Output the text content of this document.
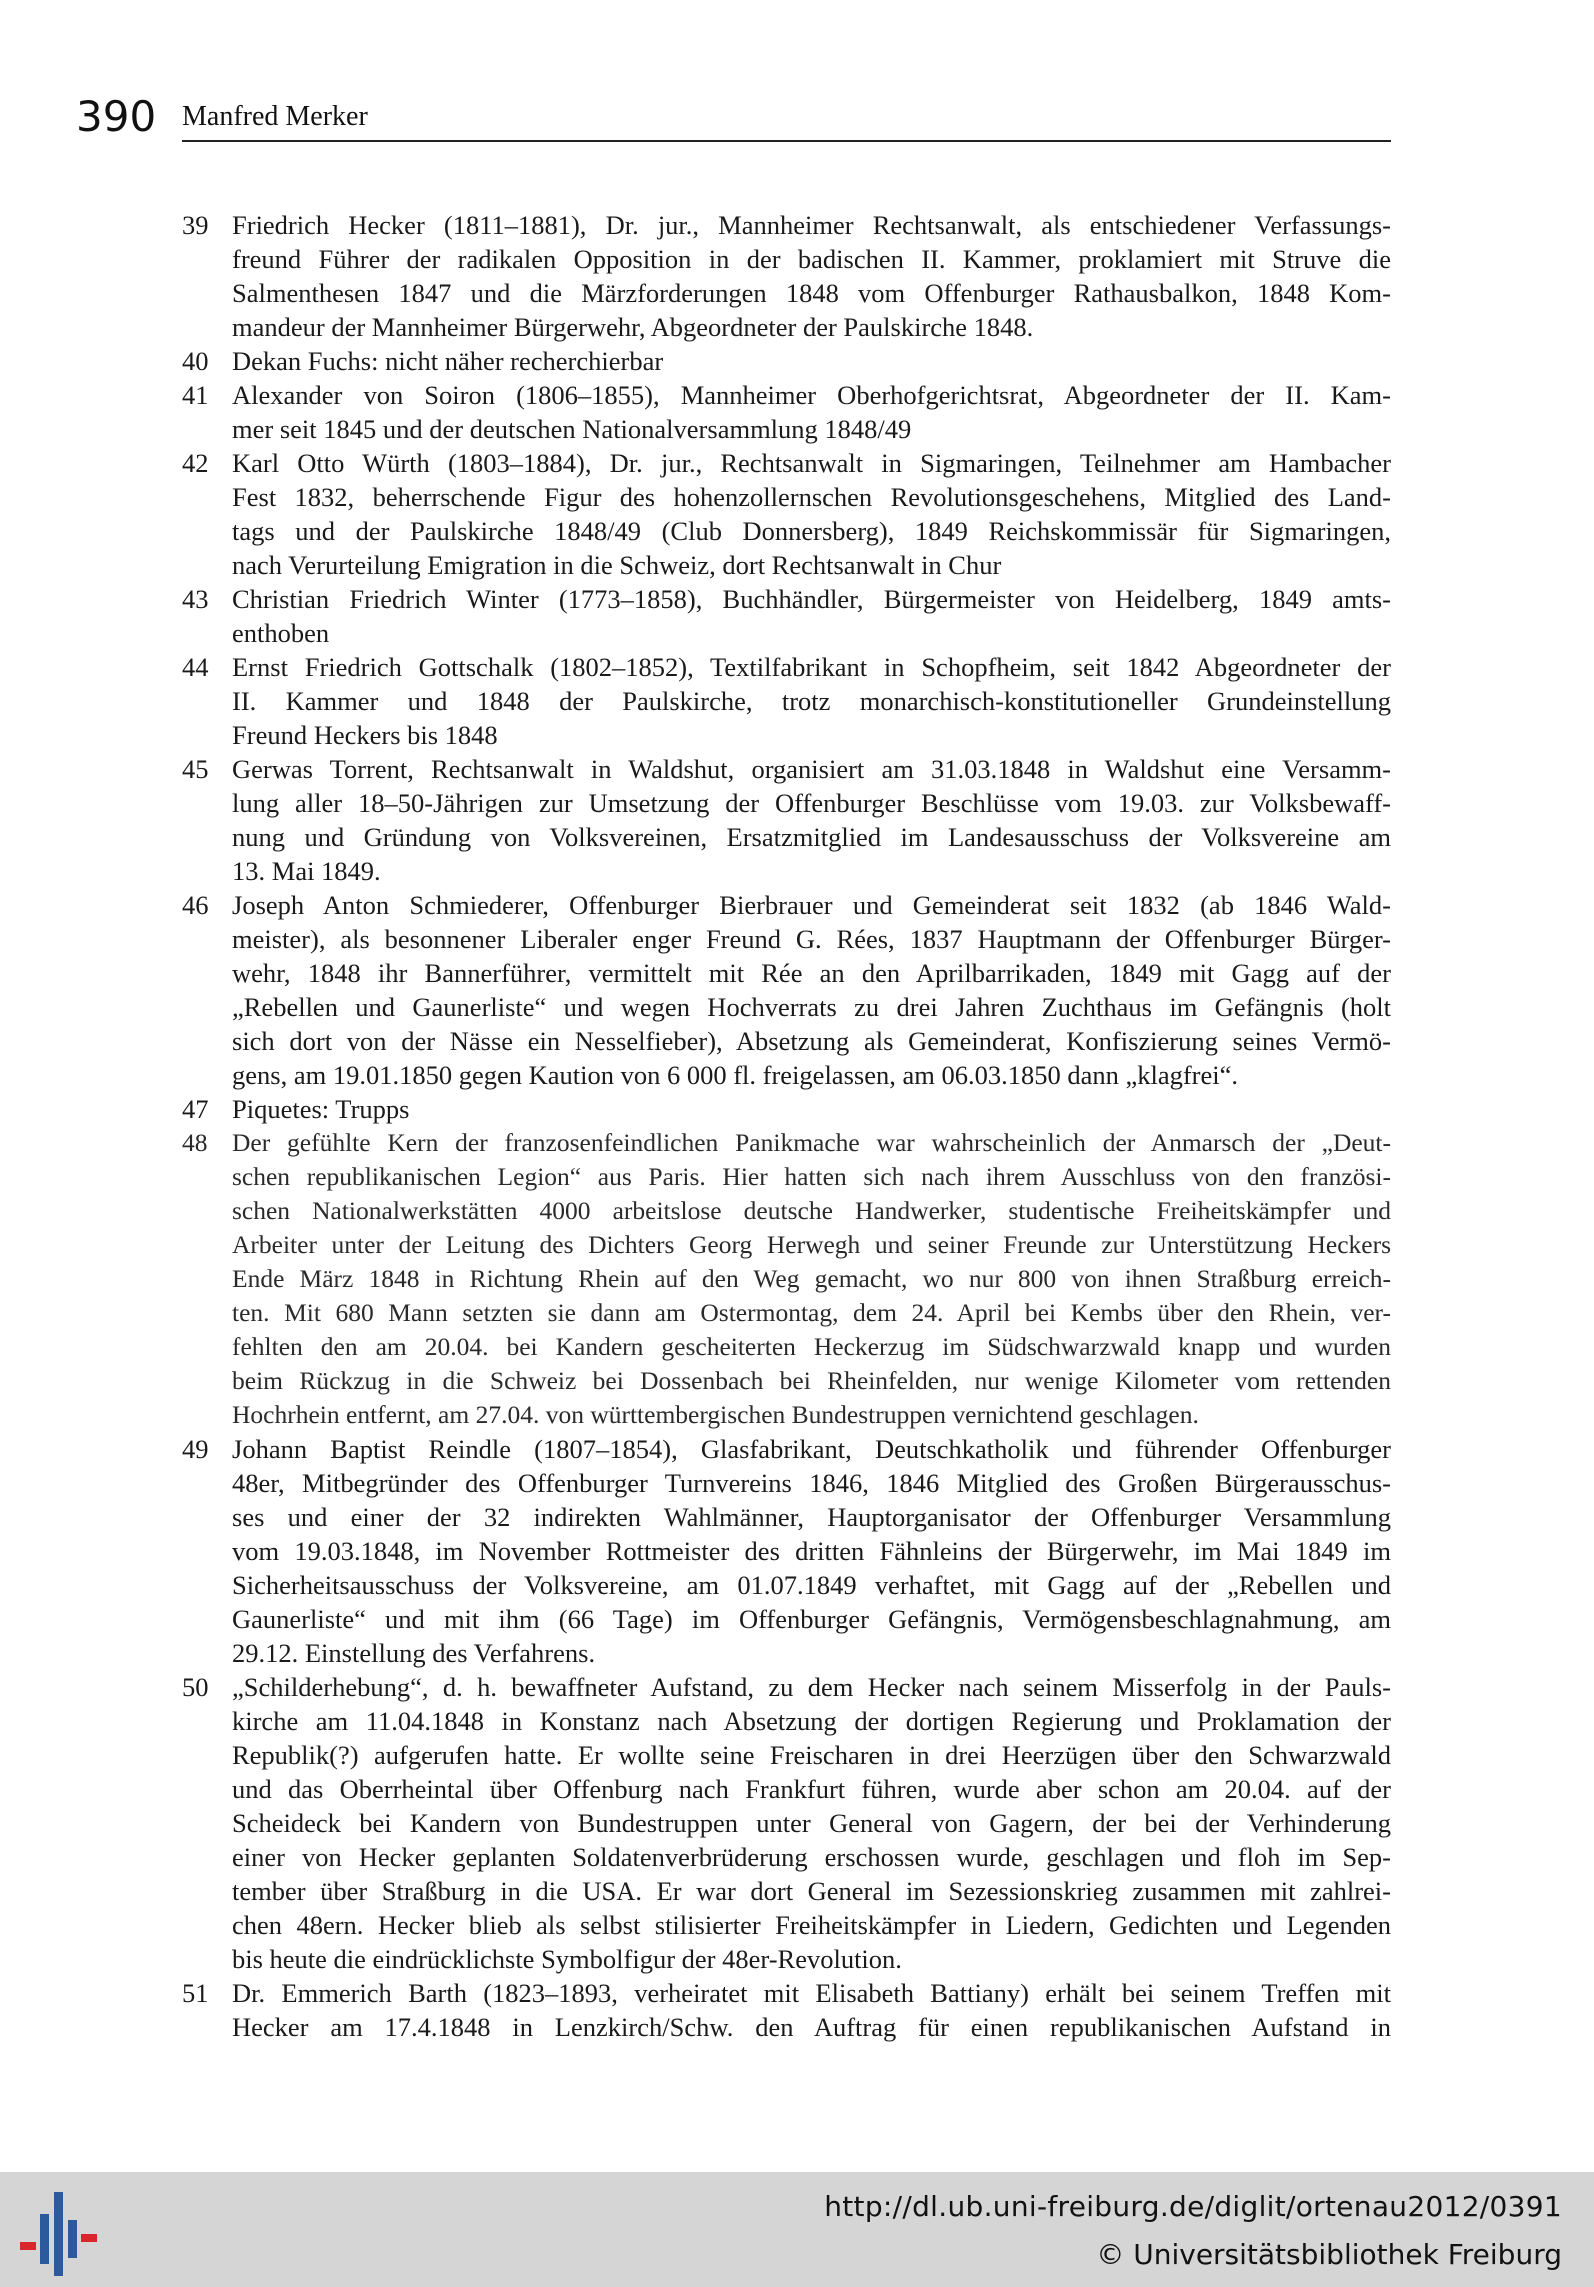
390 Manfred Merker
39 Friedrich Hecker (1811–1881), Dr. jur., Mannheimer Rechtsanwalt, als entschiedener Verfassungs-
freund Führer der radikalen Opposition in der badischen II. Kammer, proklamiert mit Struve die
Salmenthesen 1847 und die Märzforderungen 1848 vom Offenburger Rathausbalkon, 1848 Kom-
mandeur der Mannheimer Bürgerwehr, Abgeordneter der Paulskirche 1848.
40 Dekan Fuchs: nicht näher recherchierbar
41 Alexander von Soiron (1806–1855), Mannheimer Oberhofgerichtsrat, Abgeordneter der II. Kam-
mer seit 1845 und der deutschen Nationalversammlung 1848/49
42 Karl Otto Würth (1803–1884), Dr. jur., Rechtsanwalt in Sigmaringen, Teilnehmer am Hambacher
Fest 1832, beherrschende Figur des hohenzollernschen Revolutionsgeschehens, Mitglied des Land-
tags und der Paulskirche 1848/49 (Club Donnersberg), 1849 Reichskommissär für Sigmaringen,
nach Verurteilung Emigration in die Schweiz, dort Rechtsanwalt in Chur
43 Christian Friedrich Winter (1773–1858), Buchhändler, Bürgermeister von Heidelberg, 1849 amts-
enthoben
44 Ernst Friedrich Gottschalk (1802–1852), Textilfabrikant in Schopfheim, seit 1842 Abgeordneter der
II. Kammer und 1848 der Paulskirche, trotz monarchisch-konstitutioneller Grundeinstellung
Freund Heckers bis 1848
45 Gerwas Torrent, Rechtsanwalt in Waldshut, organisiert am 31.03.1848 in Waldshut eine Versamm-
lung aller 18–50-Jährigen zur Umsetzung der Offenburger Beschlüsse vom 19.03. zur Volksbewaff-
nung und Gründung von Volksvereinen, Ersatzmitglied im Landesausschuss der Volksvereine am
13. Mai 1849.
46 Joseph Anton Schmiederer, Offenburger Bierbrauer und Gemeinderat seit 1832 (ab 1846 Wald-
meister), als besonnener Liberaler enger Freund G. Rées, 1837 Hauptmann der Offenburger Bürger-
wehr, 1848 ihr Bannerführer, vermittelt mit Rée an den Aprilbarrikaden, 1849 mit Gagg auf der
„Rebellen und Gaunerliste“ und wegen Hochverrats zu drei Jahren Zuchthaus im Gefängnis (holt
sich dort von der Nässe ein Nesselfieber), Absetzung als Gemeinderat, Konfiszierung seines Vermö-
gens, am 19.01.1850 gegen Kaution von 6 000 fl. freigelassen, am 06.03.1850 dann „klagfrei“.
47 Piquetes: Trupps
48 Der gefühlte Kern der franzosenfeindlichen Panikmache war wahrscheinlich der Anmarsch der „Deut-
schen republikanischen Legion“ aus Paris. Hier hatten sich nach ihrem Ausschluss von den französi-
schen Nationalwerkstätten 4000 arbeitslose deutsche Handwerker, studentische Freiheitskämpfer und
Arbeiter unter der Leitung des Dichters Georg Herwegh und seiner Freunde zur Unterstützung Heckers
Ende März 1848 in Richtung Rhein auf den Weg gemacht, wo nur 800 von ihnen Straßburg erreich-
ten. Mit 680 Mann setzten sie dann am Ostermontag, dem 24. April bei Kembs über den Rhein, ver-
fehlten den am 20.04. bei Kandern gescheiterten Heckerzug im Südschwarzwald knapp und wurden
beim Rückzug in die Schweiz bei Dossenbach bei Rheinfelden, nur wenige Kilometer vom rettenden
Hochrhein entfernt, am 27.04. von württembergischen Bundestruppen vernichtend geschlagen.
49 Johann Baptist Reindle (1807–1854), Glasfabrikant, Deutschkatholik und führender Offenburger
48er, Mitbegründer des Offenburger Turnvereins 1846, 1846 Mitglied des Großen Bürgerausschus-
ses und einer der 32 indirekten Wahlmänner, Hauptorganisator der Offenburger Versammlung
vom 19.03.1848, im November Rottmeister des dritten Fähnleins der Bürgerwehr, im Mai 1849 im
Sicherheitsausschuss der Volksvereine, am 01.07.1849 verhaftet, mit Gagg auf der „Rebellen und
Gaunerliste“ und mit ihm (66 Tage) im Offenburger Gefängnis, Vermögensbeschlagnahmung, am
29.12. Einstellung des Verfahrens.
50 „Schilderhebung“, d. h. bewaffneter Aufstand, zu dem Hecker nach seinem Misserfolg in der Pauls-
kirche am 11.04.1848 in Konstanz nach Absetzung der dortigen Regierung und Proklamation der
Republik(?) aufgerufen hatte. Er wollte seine Freischaren in drei Heerzügen über den Schwarzwald
und das Oberrheintal über Offenburg nach Frankfurt führen, wurde aber schon am 20.04. auf der
Scheideck bei Kandern von Bundestruppen unter General von Gagern, der bei der Verhinderung
einer von Hecker geplanten Soldatenverbrüderung erschossen wurde, geschlagen und floh im Sep-
tember über Straßburg in die USA. Er war dort General im Sezessionskrieg zusammen mit zahlrei-
chen 48ern. Hecker blieb als selbst stilisierter Freiheitskämpfer in Liedern, Gedichten und Legenden
bis heute die eindrücklichste Symbolfigur der 48er-Revolution.
51 Dr. Emmerich Barth (1823–1893, verheiratet mit Elisabeth Battiany) erhält bei seinem Treffen mit
Hecker am 17.4.1848 in Lenzkirch/Schw. den Auftrag für einen republikanischen Aufstand in
http://dl.ub.uni-freiburg.de/diglit/ortenau2012/0391
© Universitätsbibliothek Freiburg
